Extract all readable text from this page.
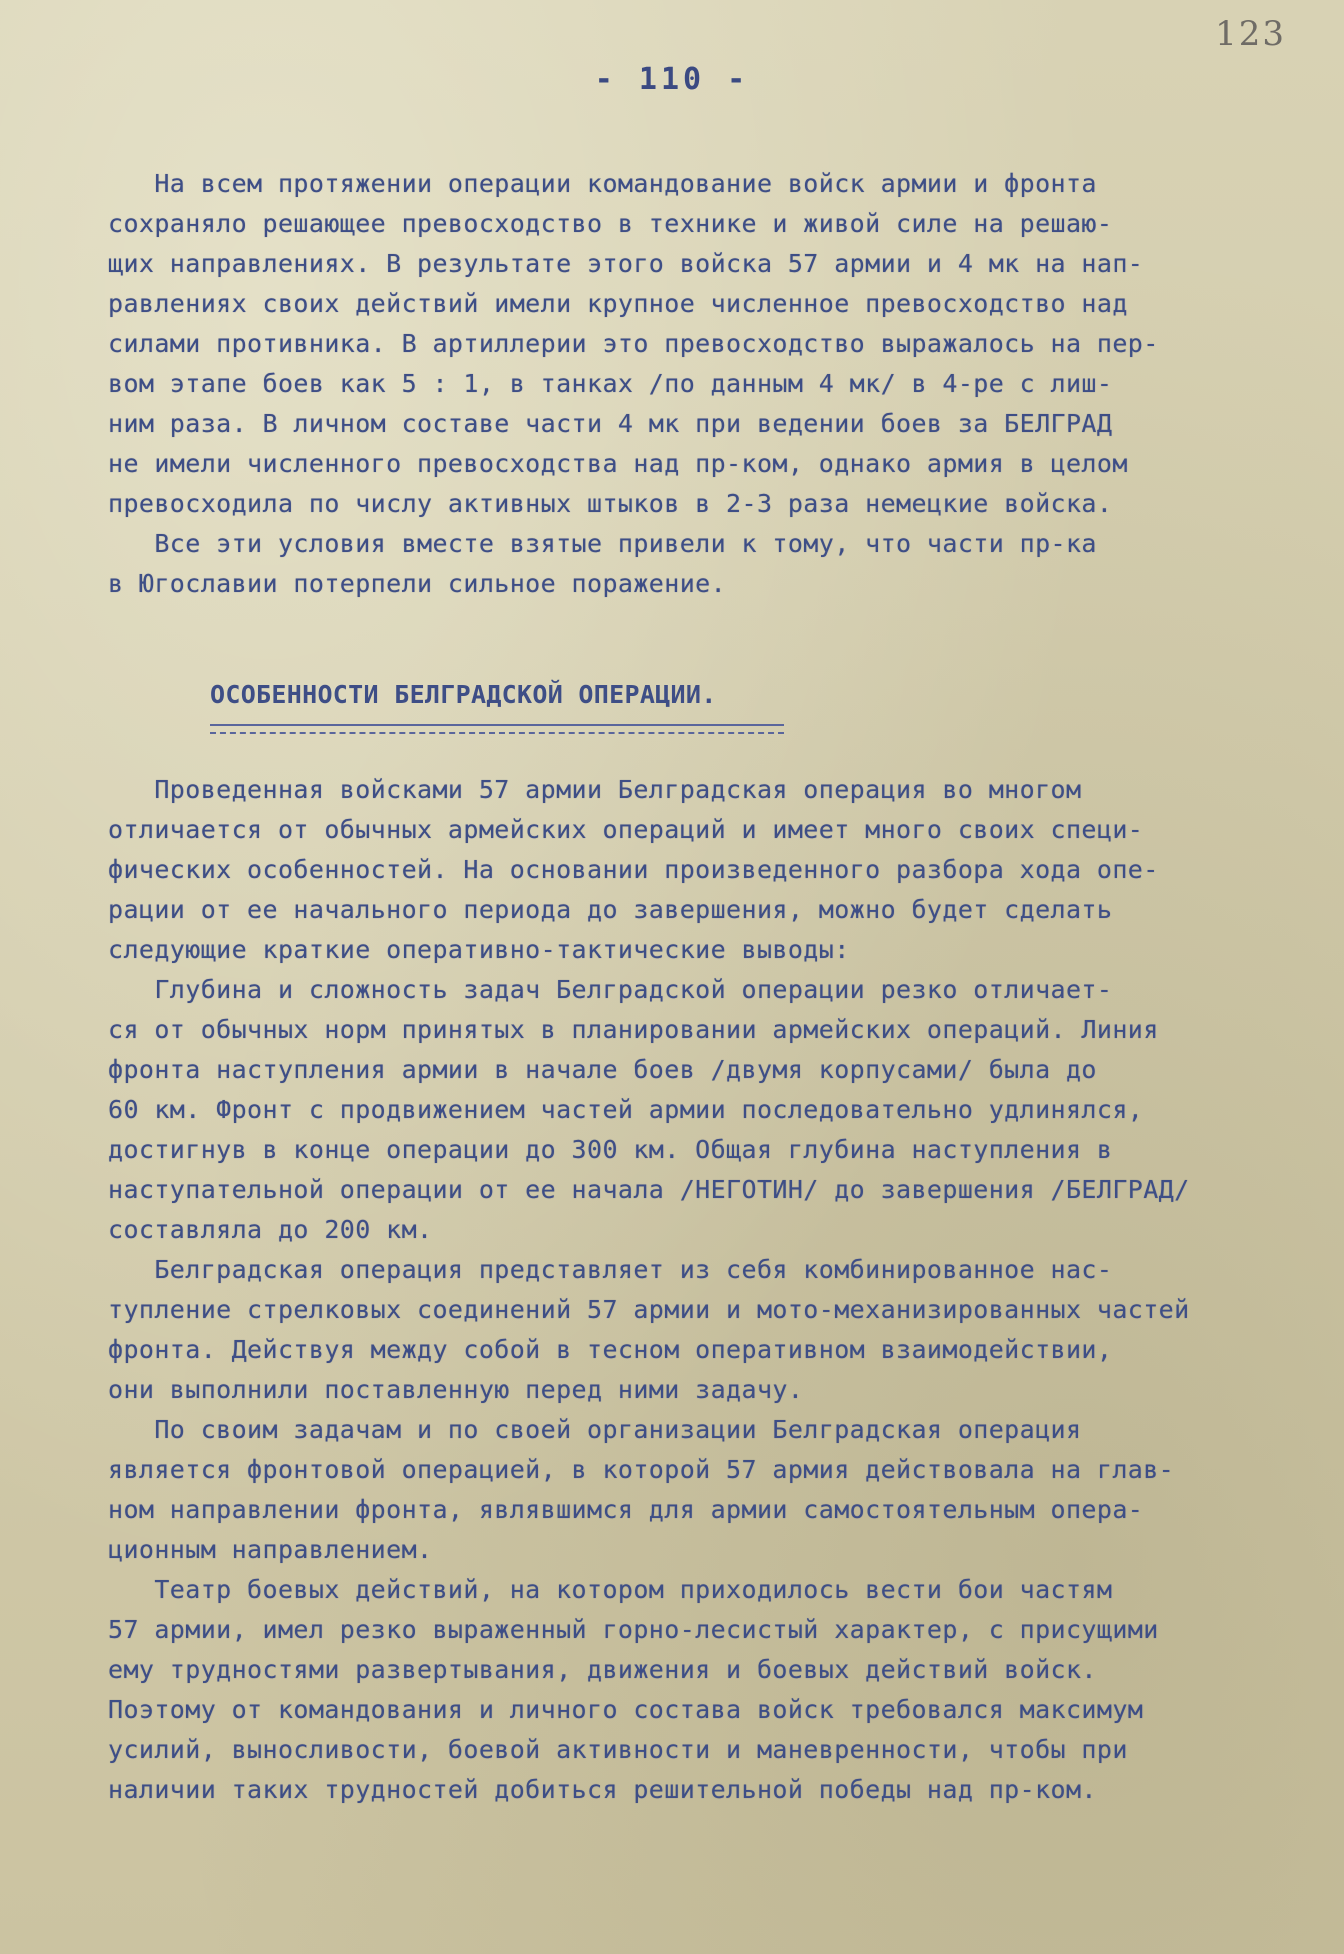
123
- 110 -
На всем протяжении операции командование войск армии и фронта
сохраняло решающее превосходство в технике и живой силе на решаю-
щих направлениях. В результате этого войска 57 армии и 4 мк на нап-
равлениях своих действий имели крупное численное превосходство над
силами противника. В артиллерии это превосходство выражалось на пер-
вом этапе боев как 5 : 1, в танках /по данным 4 мк/ в 4-ре с лиш-
ним раза. В личном составе части 4 мк при ведении боев за БЕЛГРАД
не имели численного превосходства над пр-ком, однако армия в целом
превосходила по числу активных штыков в 2-3 раза немецкие войска.
Все эти условия вместе взятые привели к тому, что части пр-ка
в Югославии потерпели сильное поражение.
ОСОБЕННОСТИ БЕЛГРАДСКОЙ ОПЕРАЦИИ.
Проведенная войсками 57 армии Белградская операция во многом
отличается от обычных армейских операций и имеет много своих специ-
фических особенностей. На основании произведенного разбора хода опе-
рации от ее начального периода до завершения, можно будет сделать
следующие краткие оперативно-тактические выводы:
Глубина и сложность задач Белградской операции резко отличает-
ся от обычных норм принятых в планировании армейских операций. Линия
фронта наступления армии в начале боев /двумя корпусами/ была до
60 км. Фронт с продвижением частей армии последовательно удлинялся,
достигнув в конце операции до 300 км. Общая глубина наступления в
наступательной операции от ее начала /НЕГОТИН/ до завершения /БЕЛГРАД/
составляла до 200 км.
Белградская операция представляет из себя комбинированное нас-
тупление стрелковых соединений 57 армии и мото-механизированных частей
фронта. Действуя между собой в тесном оперативном взаимодействии,
они выполнили поставленную перед ними задачу.
По своим задачам и по своей организации Белградская операция
является фронтовой операцией, в которой 57 армия действовала на глав-
ном направлении фронта, являвшимся для армии самостоятельным опера-
ционным направлением.
Театр боевых действий, на котором приходилось вести бои частям
57 армии, имел резко выраженный горно-лесистый характер, с присущими
ему трудностями развертывания, движения и боевых действий войск.
Поэтому от командования и личного состава войск требовался максимум
усилий, выносливости, боевой активности и маневренности, чтобы при
наличии таких трудностей добиться решительной победы над пр-ком.
